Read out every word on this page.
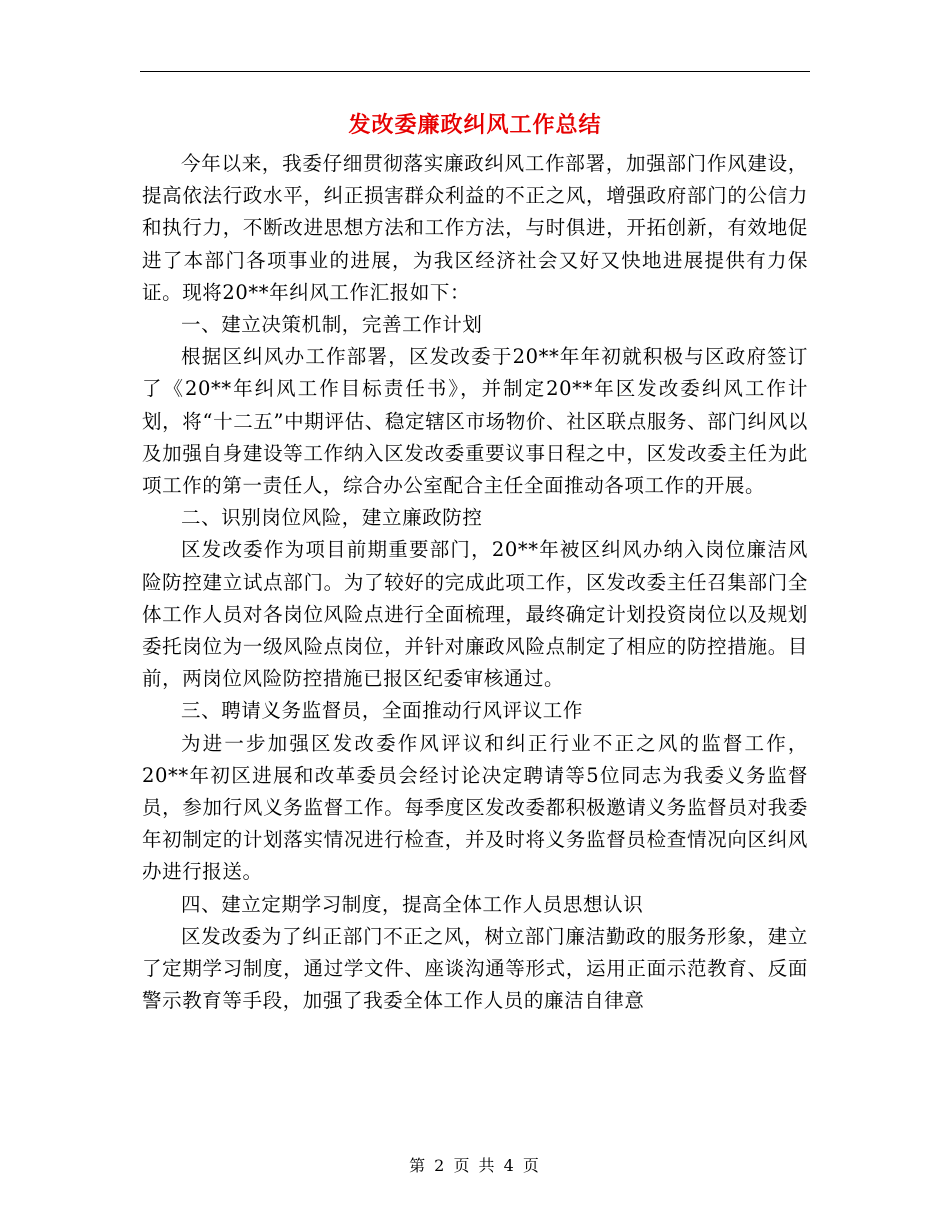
发改委廉政纠风工作总结

今年以来，我委仔细贯彻落实廉政纠风工作部署，加强部门作风建设，提高依法行政水平，纠正损害群众利益的不正之风，增强政府部门的公信力和执行力，不断改进思想方法和工作方法，与时俱进，开拓创新，有效地促进了本部门各项事业的进展，为我区经济社会又好又快地进展提供有力保证。现将20**年纠风工作汇报如下：

一、建立决策机制，完善工作计划

根据区纠风办工作部署，区发改委于20**年年初就积极与区政府签订了《20**年纠风工作目标责任书》，并制定20**年区发改委纠风工作计划，将“十二五”中期评估、稳定辖区市场物价、社区联点服务、部门纠风以及加强自身建设等工作纳入区发改委重要议事日程之中，区发改委主任为此项工作的第一责任人，综合办公室配合主任全面推动各项工作的开展。

二、识别岗位风险，建立廉政防控

区发改委作为项目前期重要部门，20**年被区纠风办纳入岗位廉洁风险防控建立试点部门。为了较好的完成此项工作，区发改委主任召集部门全体工作人员对各岗位风险点进行全面梳理，最终确定计划投资岗位以及规划委托岗位为一级风险点岗位，并针对廉政风险点制定了相应的防控措施。目前，两岗位风险防控措施已报区纪委审核通过。

三、聘请义务监督员，全面推动行风评议工作

为进一步加强区发改委作风评议和纠正行业不正之风的监督工作，20**年初区进展和改革委员会经讨论决定聘请等5位同志为我委义务监督员，参加行风义务监督工作。每季度区发改委都积极邀请义务监督员对我委年初制定的计划落实情况进行检查，并及时将义务监督员检查情况向区纠风办进行报送。

四、建立定期学习制度，提高全体工作人员思想认识

区发改委为了纠正部门不正之风，树立部门廉洁勤政的服务形象，建立了定期学习制度，通过学文件、座谈沟通等形式，运用正面示范教育、反面警示教育等手段，加强了我委全体工作人员的廉洁自律意

第 2 页 共 4 页
